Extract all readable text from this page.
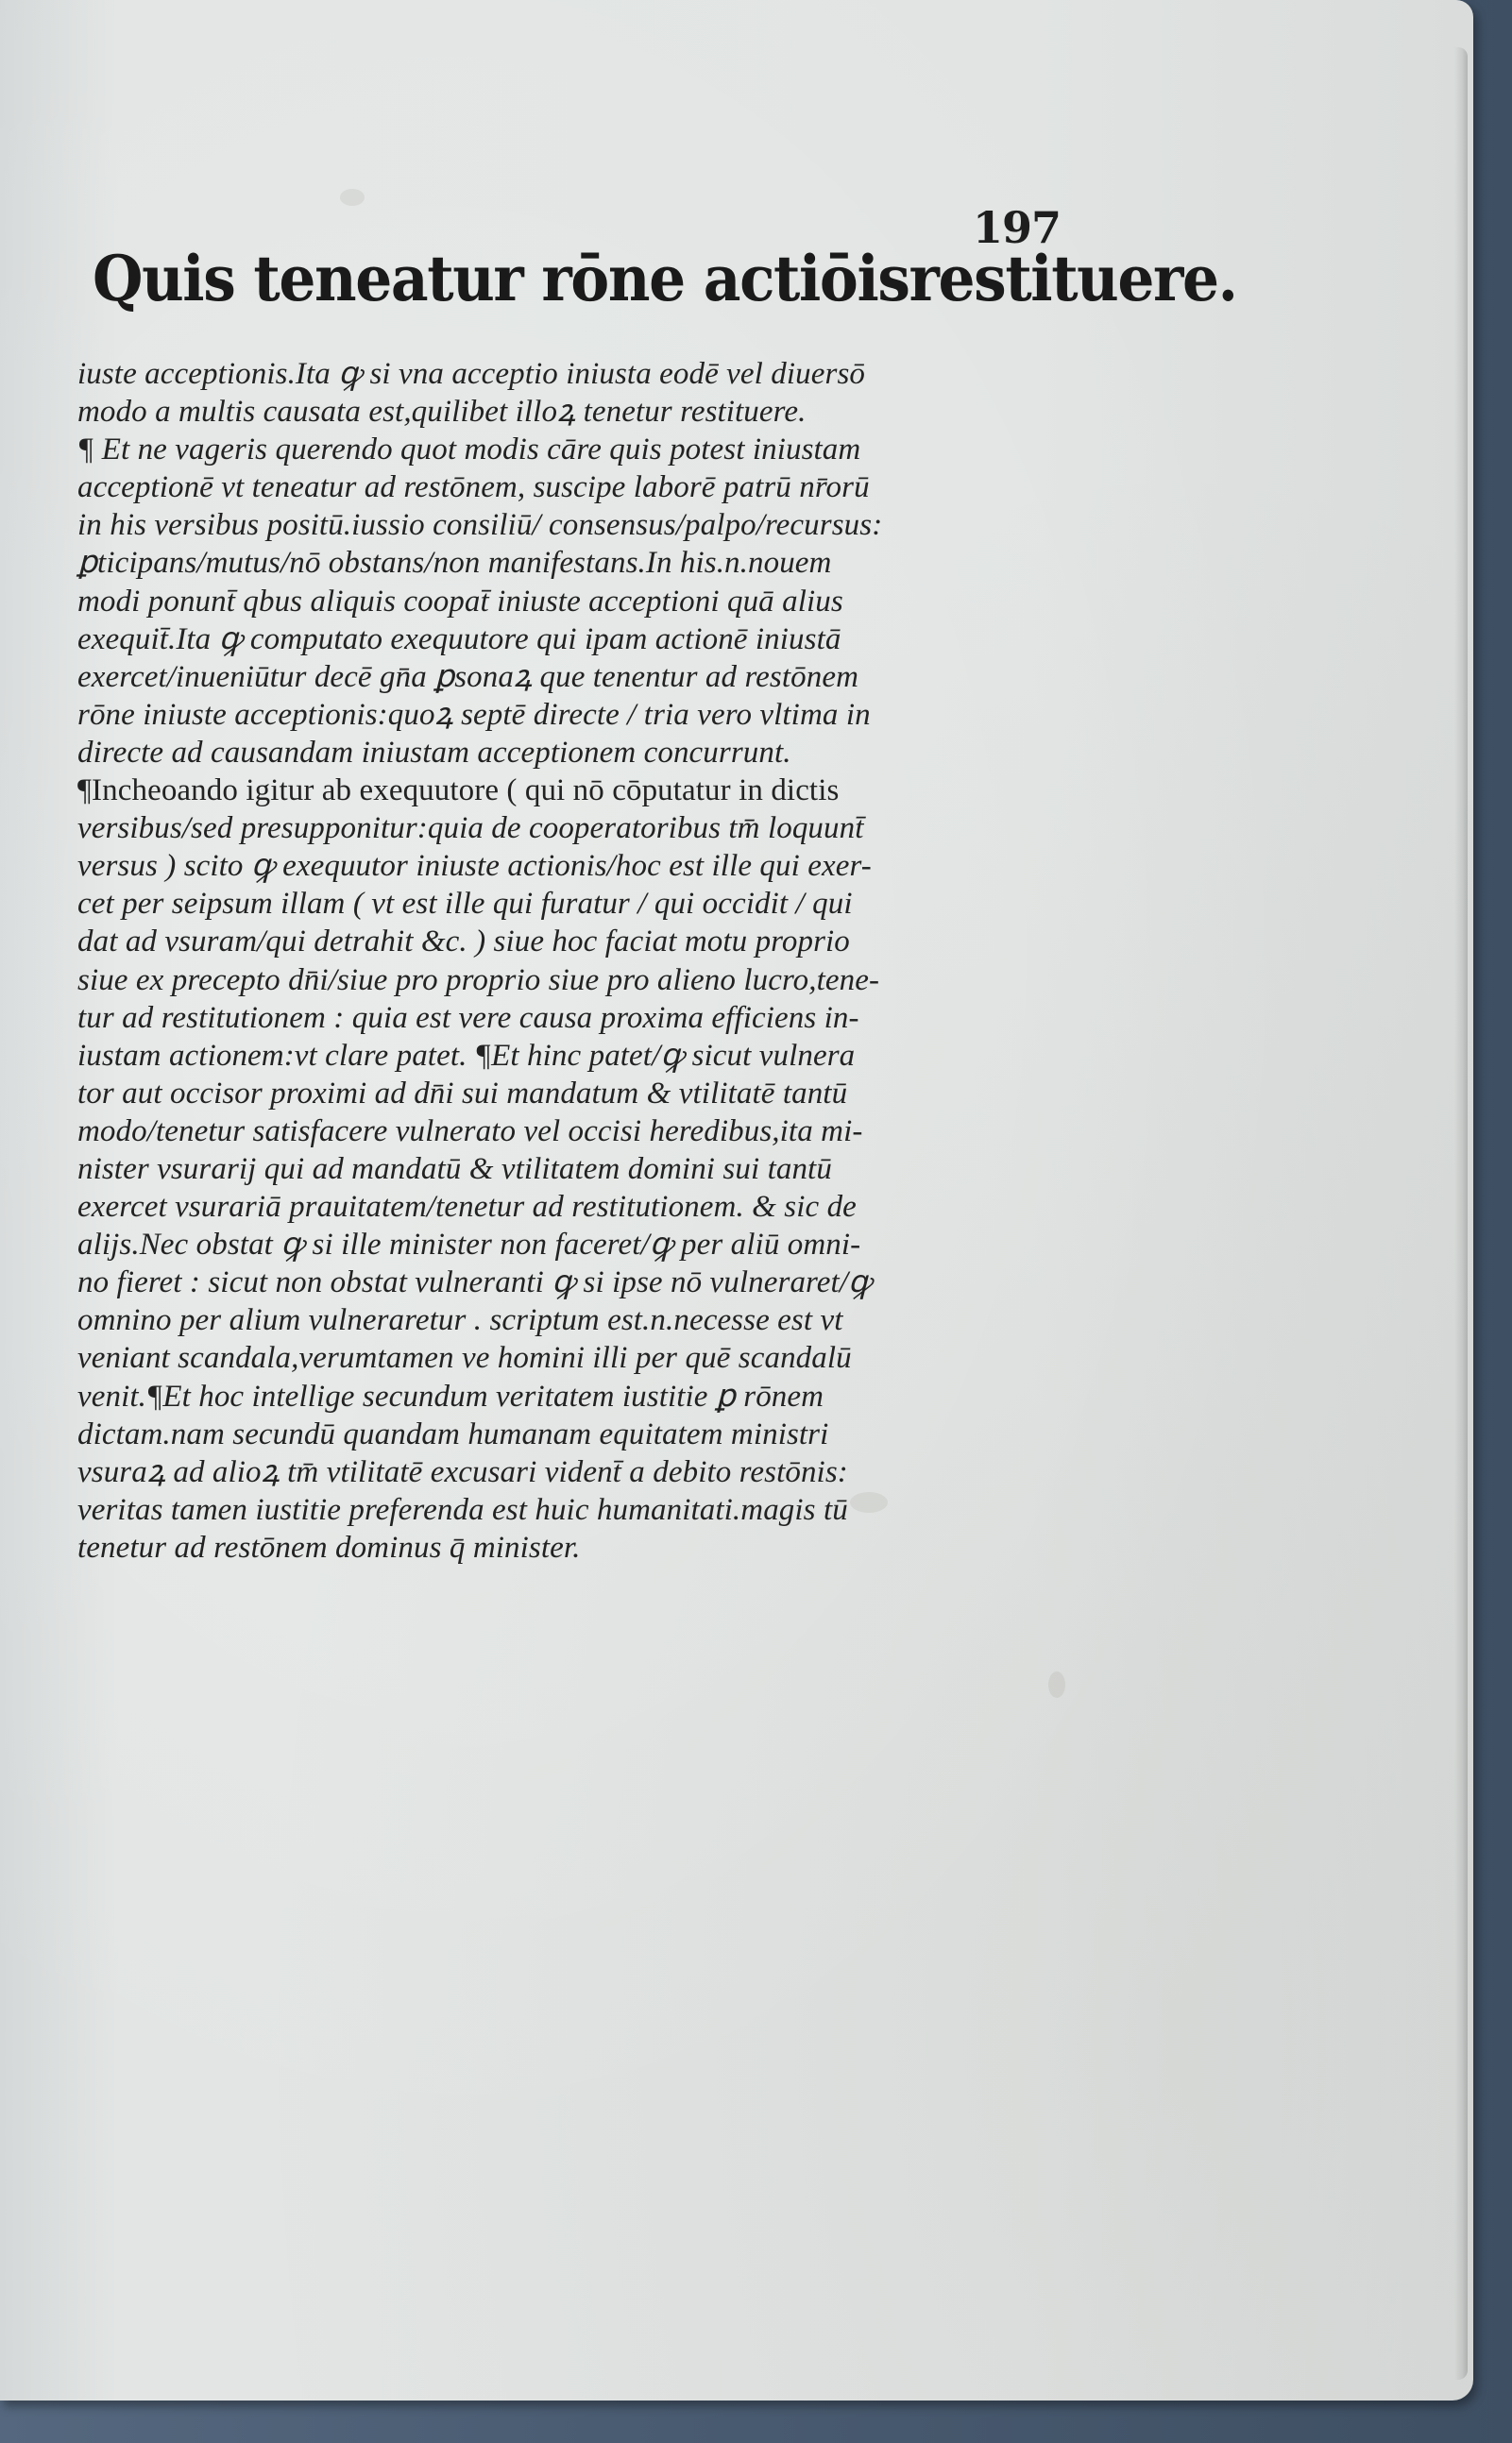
197
Quis teneatur rōne actiōisrestituere.
iuste acceptionis.Ita ꝙ si vna acceptio iniusta eodē vel diuersō
modo a multis causata est,quilibet illoꝝ tenetur restituere.
¶ Et ne vageris querendo quot modis cāre quis potest iniustam
acceptionē vt teneatur ad restōnem, suscipe laborē patrū nr̄orū
in his versibus positū.iussio consiliū/ consensus/palpo/recursus:
ꝑticipans/mutus/nō obstans/non manifestans.In his.n.nouem
modi ponunt̄ qbus aliquis coopat̄ iniuste acceptioni quā alius
exequit̄.Ita ꝙ computato exequutore qui ipam actionē iniustā
exercet/inueniūtur decē gn̄a ꝑsonaꝝ que tenentur ad restōnem
rōne iniuste acceptionis:quoꝝ septē directe / tria vero vltima in
directe ad causandam iniustam acceptionem concurrunt.
¶Incheoando igitur ab exequutore ( qui nō cōputatur in dictis
versibus/sed presupponitur:quia de cooperatoribus tm̄ loquunt̄
versus ) scito ꝙ exequutor iniuste actionis/hoc est ille qui exer-
cet per seipsum illam ( vt est ille qui furatur / qui occidit / qui
dat ad vsuram/qui detrahit &c. ) siue hoc faciat motu proprio
siue ex precepto dn̄i/siue pro proprio siue pro alieno lucro,tene-
tur ad restitutionem : quia est vere causa proxima efficiens in-
iustam actionem:vt clare patet. ¶Et hinc patet/ꝙ sicut vulnera
tor aut occisor proximi ad dn̄i sui mandatum & vtilitatē tantū
modo/tenetur satisfacere vulnerato vel occisi heredibus,ita mi-
nister vsurarij qui ad mandatū & vtilitatem domini sui tantū
exercet vsurariā prauitatem/tenetur ad restitutionem. & sic de
alijs.Nec obstat ꝙ si ille minister non faceret/ꝙ per aliū omni-
no fieret : sicut non obstat vulneranti ꝙ si ipse nō vulneraret/ꝙ
omnino per alium vulneraretur . scriptum est.n.necesse est vt
veniant scandala,verumtamen ve homini illi per quē scandalū
venit.¶Et hoc intellige secundum veritatem iustitie ꝑ rōnem
dictam.nam secundū quandam humanam equitatem ministri
vsuraꝝ ad alioꝝ tm̄ vtilitatē excusari vident̄ a debito restōnis:
veritas tamen iustitie preferenda est huic humanitati.magis tū
tenetur ad restōnem dominus q̄ minister.
